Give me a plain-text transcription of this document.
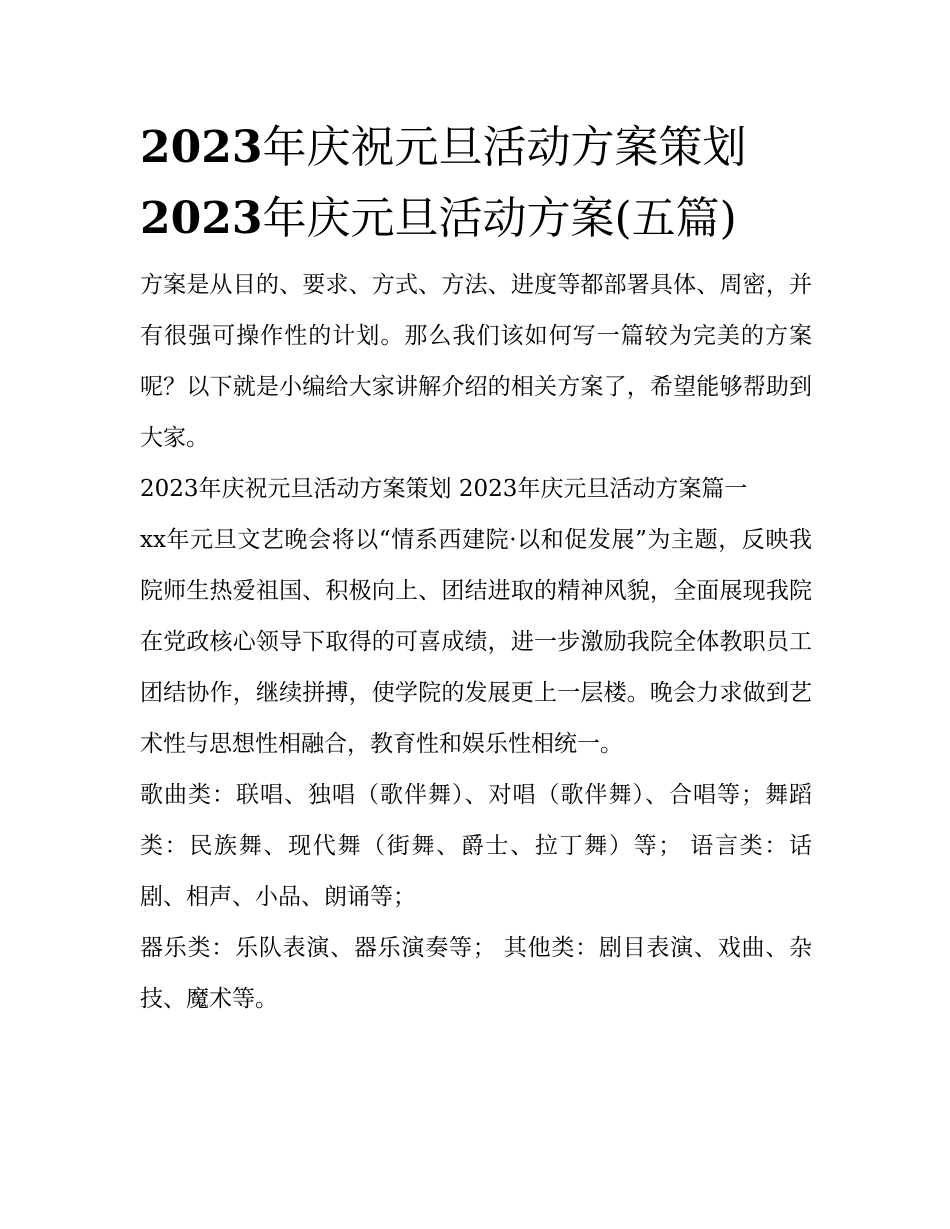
2023年庆祝元旦活动方案策划
2023年庆元旦活动方案(五篇)

方案是从目的、要求、方式、方法、进度等都部署具体、周密，并有很强可操作性的计划。那么我们该如何写一篇较为完美的方案呢？以下就是小编给大家讲解介绍的相关方案了，希望能够帮助到大家。

2023年庆祝元旦活动方案策划 2023年庆元旦活动方案篇一

xx年元旦文艺晚会将以“情系西建院·以和促发展”为主题，反映我院师生热爱祖国、积极向上、团结进取的精神风貌，全面展现我院在党政核心领导下取得的可喜成绩，进一步激励我院全体教职员工团结协作，继续拼搏，使学院的发展更上一层楼。晚会力求做到艺术性与思想性相融合，教育性和娱乐性相统一。

歌曲类：联唱、独唱（歌伴舞）、对唱（歌伴舞）、合唱等；舞蹈类：民族舞、现代舞（街舞、爵士、拉丁舞）等； 语言类：话剧、相声、小品、朗诵等；

器乐类：乐队表演、器乐演奏等； 其他类：剧目表演、戏曲、杂技、魔术等。
